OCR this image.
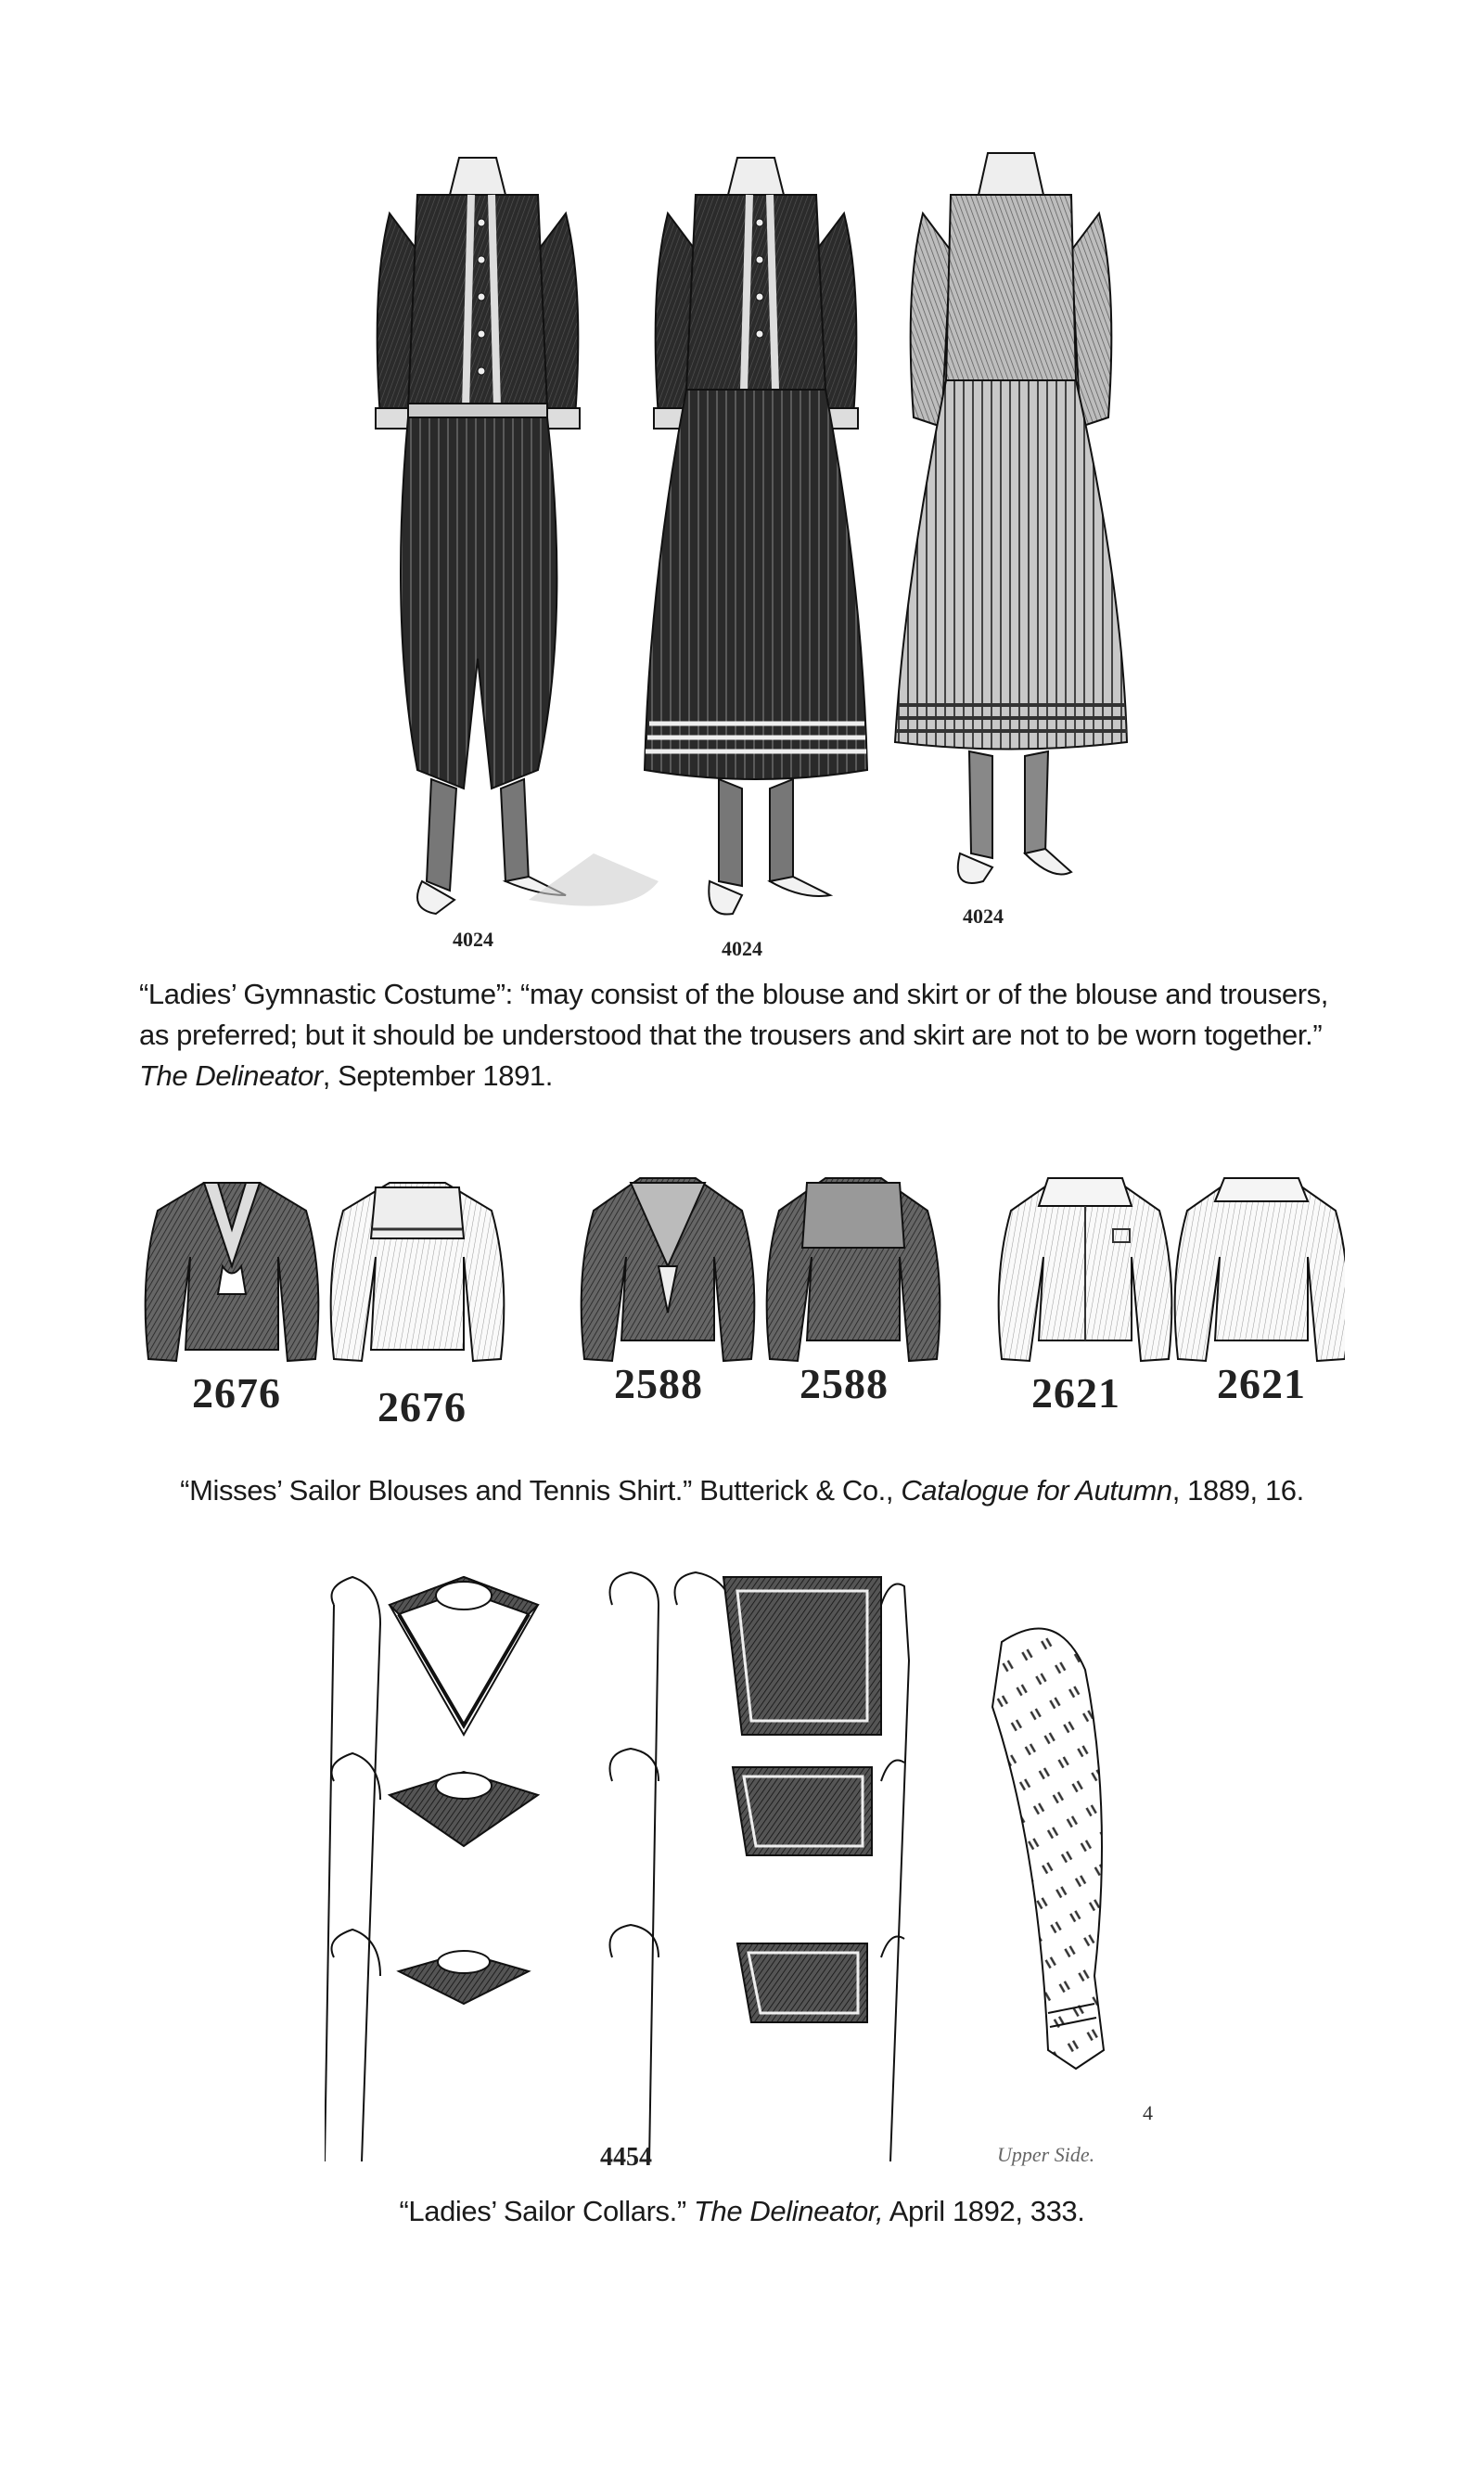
4024	4024
4024

“Ladies’ Gymnastic Costume”: “may consist of the blouse and skirt or of the blouse and trousers, as preferred; but it should be understood that the trousers and skirt are not to be worn together.” The Delineator, September 1891.

2676	2676	2588	2588	2621	2621

“Misses’ Sailor Blouses and Tennis Shirt.” Butterick & Co., Catalogue for Autumn, 1889, 16.

4454	Upper Side.
4

“Ladies’ Sailor Collars.” The Delineator, April 1892, 333.
